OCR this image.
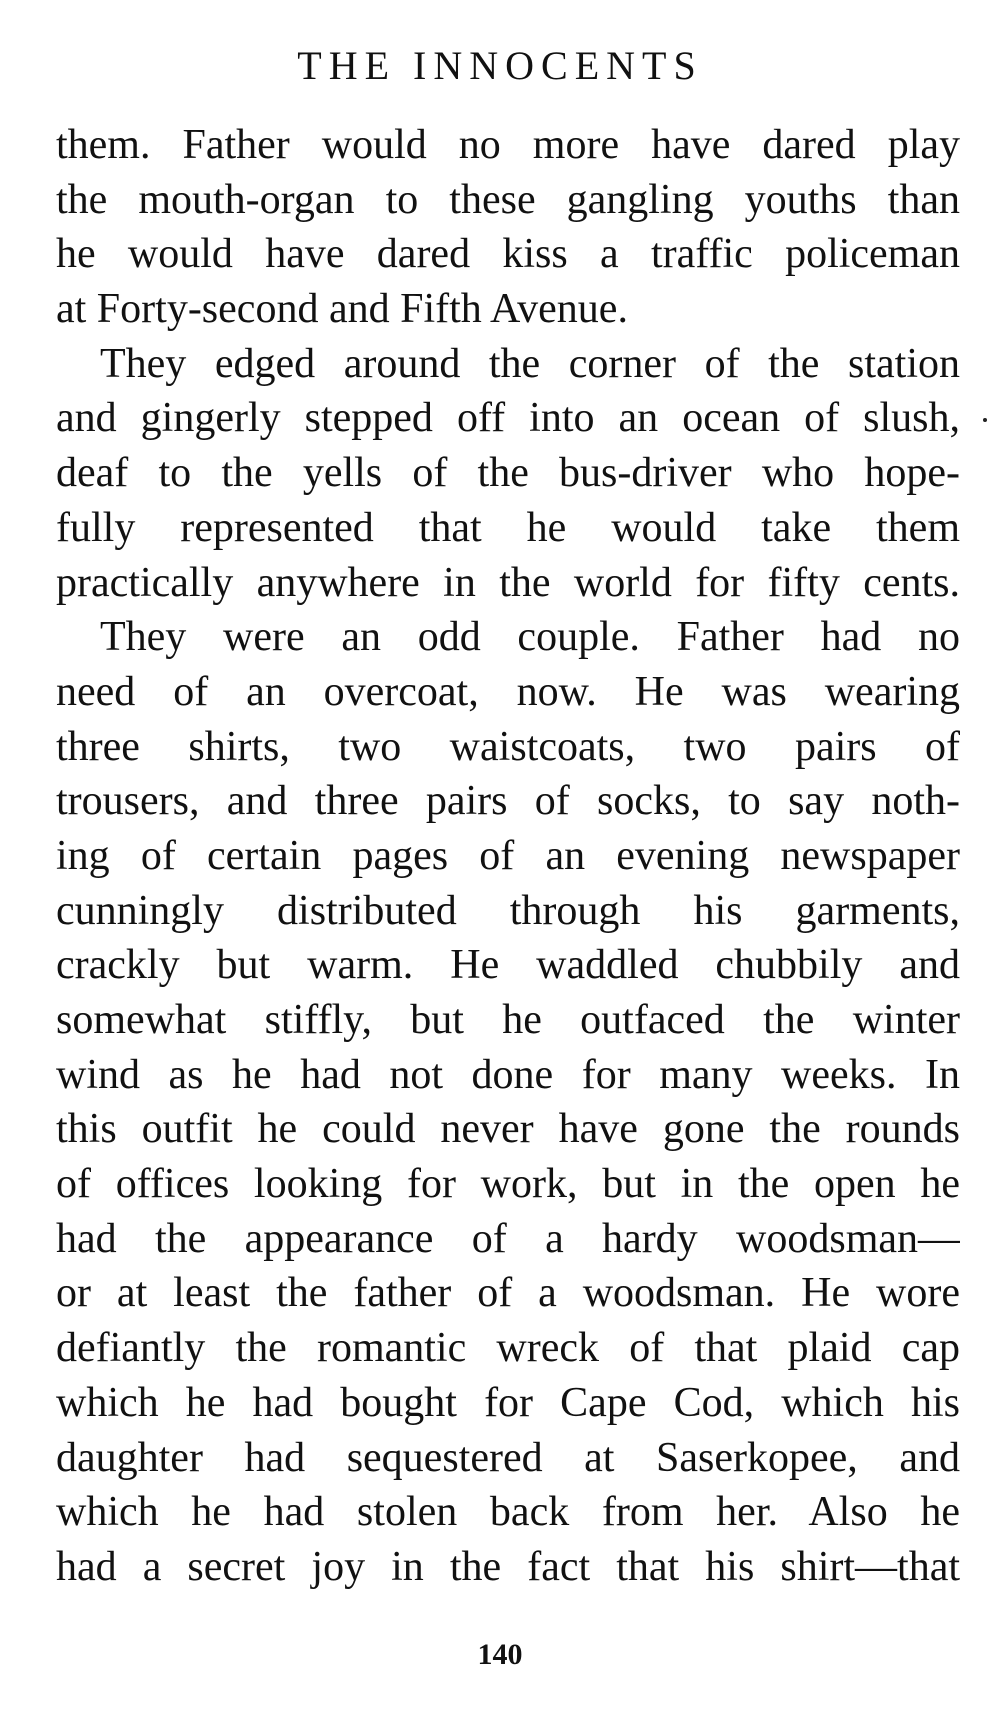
THE INNOCENTS
them. Father would no more have dared play
the mouth-organ to these gangling youths than
he would have dared kiss a traffic policeman
at Forty-second and Fifth Avenue.
They edged around the corner of the station
and gingerly stepped off into an ocean of slush,
deaf to the yells of the bus-driver who hope-
fully represented that he would take them
practically anywhere in the world for fifty cents.
They were an odd couple. Father had no
need of an overcoat, now. He was wearing
three shirts, two waistcoats, two pairs of
trousers, and three pairs of socks, to say noth-
ing of certain pages of an evening newspaper
cunningly distributed through his garments,
crackly but warm. He waddled chubbily and
somewhat stiffly, but he outfaced the winter
wind as he had not done for many weeks. In
this outfit he could never have gone the rounds
of offices looking for work, but in the open he
had the appearance of a hardy woodsman—
or at least the father of a woodsman. He wore
defiantly the romantic wreck of that plaid cap
which he had bought for Cape Cod, which his
daughter had sequestered at Saserkopee, and
which he had stolen back from her. Also he
had a secret joy in the fact that his shirt—that
140
